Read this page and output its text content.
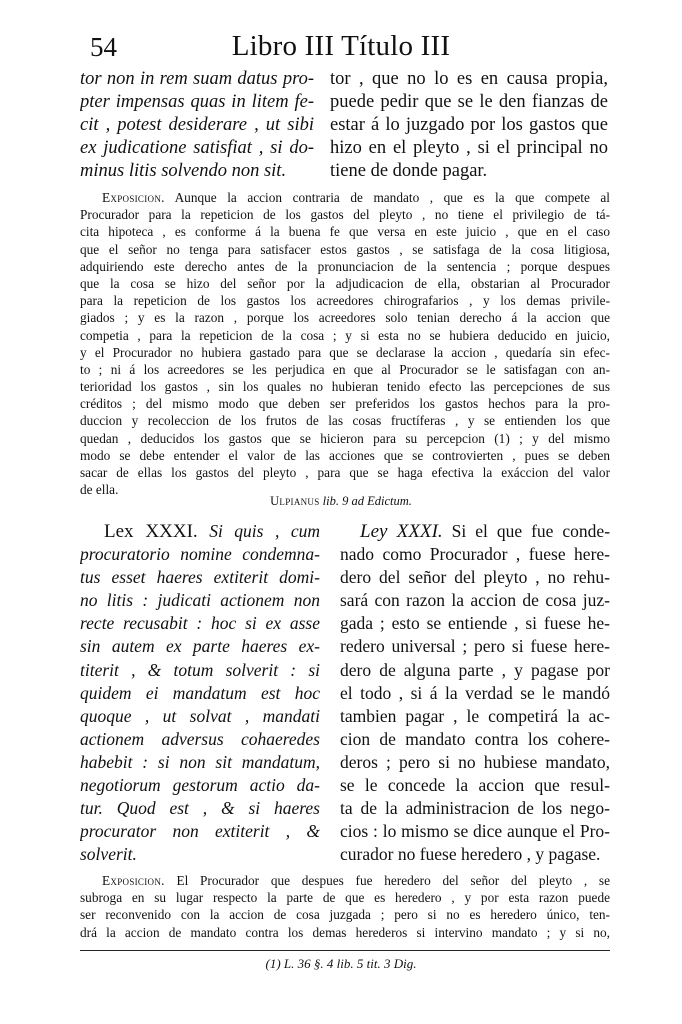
54	Libro III Título III
tor non in rem suam datus pro-
pter impensas quas in litem fe-
cit , potest desiderare , ut sibi
ex judicatione satisfiat , si do-
minus litis solvendo non sit.
tor , que no lo es en causa propia,
puede pedir que se le den fianzas de
estar á lo juzgado por los gastos que
hizo en el pleyto , si el principal no
tiene de donde pagar.
Exposicion. Aunque la accion contraria de mandato , que es la que compete al
Procurador para la repeticion de los gastos del pleyto , no tiene el privilegio de tá-
cita hipoteca , es conforme á la buena fe que versa en este juicio , que en el caso
que el señor no tenga para satisfacer estos gastos , se satisfaga de la cosa litigiosa,
adquiriendo este derecho antes de la pronunciacion de la sentencia ; porque despues
que la cosa se hizo del señor por la adjudicacion de ella, obstarian al Procurador
para la repeticion de los gastos los acreedores chirografarios , y los demas privile-
giados ; y es la razon , porque los acreedores solo tenian derecho á la accion que
competia , para la repeticion de la cosa ; y si esta no se hubiera deducido en juicio,
y el Procurador no hubiera gastado para que se declarase la accion , quedaría sin efec-
to ; ni á los acreedores se les perjudica en que al Procurador se le satisfagan con an-
terioridad los gastos , sin los quales no hubieran tenido efecto las percepciones de sus
créditos ; del mismo modo que deben ser preferidos los gastos hechos para la pro-
duccion y recoleccion de los frutos de las cosas fructíferas , y se entienden los que
quedan , deducidos los gastos que se hicieron para su percepcion (1) ; y del mismo
modo se debe entender el valor de las acciones que se controvierten , pues se deben
sacar de ellas los gastos del pleyto , para que se haga efectiva la exáccion del valor
de ella.
Ulpianus lib. 9 ad Edictum.
Lex XXXI. Si quis , cum
procuratorio nomine condemna-
tus esset haeres extiterit domi-
no litis : judicati actionem non
recte recusabit : hoc si ex asse
sin autem ex parte haeres ex-
titerit , & totum solverit : si
quidem ei mandatum est hoc
quoque , ut solvat , mandati
actionem adversus cohaeredes
habebit : si non sit mandatum,
negotiorum gestorum actio da-
tur. Quod est , & si haeres
procurator non extiterit , &
solverit.
Ley XXXI. Si el que fue conde-
nado como Procurador , fuese here-
dero del señor del pleyto , no rehu-
sará con razon la accion de cosa juz-
gada ; esto se entiende , si fuese he-
redero universal ; pero si fuese here-
dero de alguna parte , y pagase por
el todo , si á la verdad se le mandó
tambien pagar , le competirá la ac-
cion de mandato contra los cohere-
deros ; pero si no hubiese mandato,
se le concede la accion que resul-
ta de la administracion de los nego-
cios : lo mismo se dice aunque el Pro-
curador no fuese heredero , y pagase.
Exposicion. El Procurador que despues fue heredero del señor del pleyto , se
subroga en su lugar respecto la parte de que es heredero , y por esta razon puede
ser reconvenido con la accion de cosa juzgada ; pero si no es heredero único, ten-
drá la accion de mandato contra los demas herederos si intervino mandato ; y si no,
(1) L. 36 §. 4 lib. 5 tit. 3 Dig.
